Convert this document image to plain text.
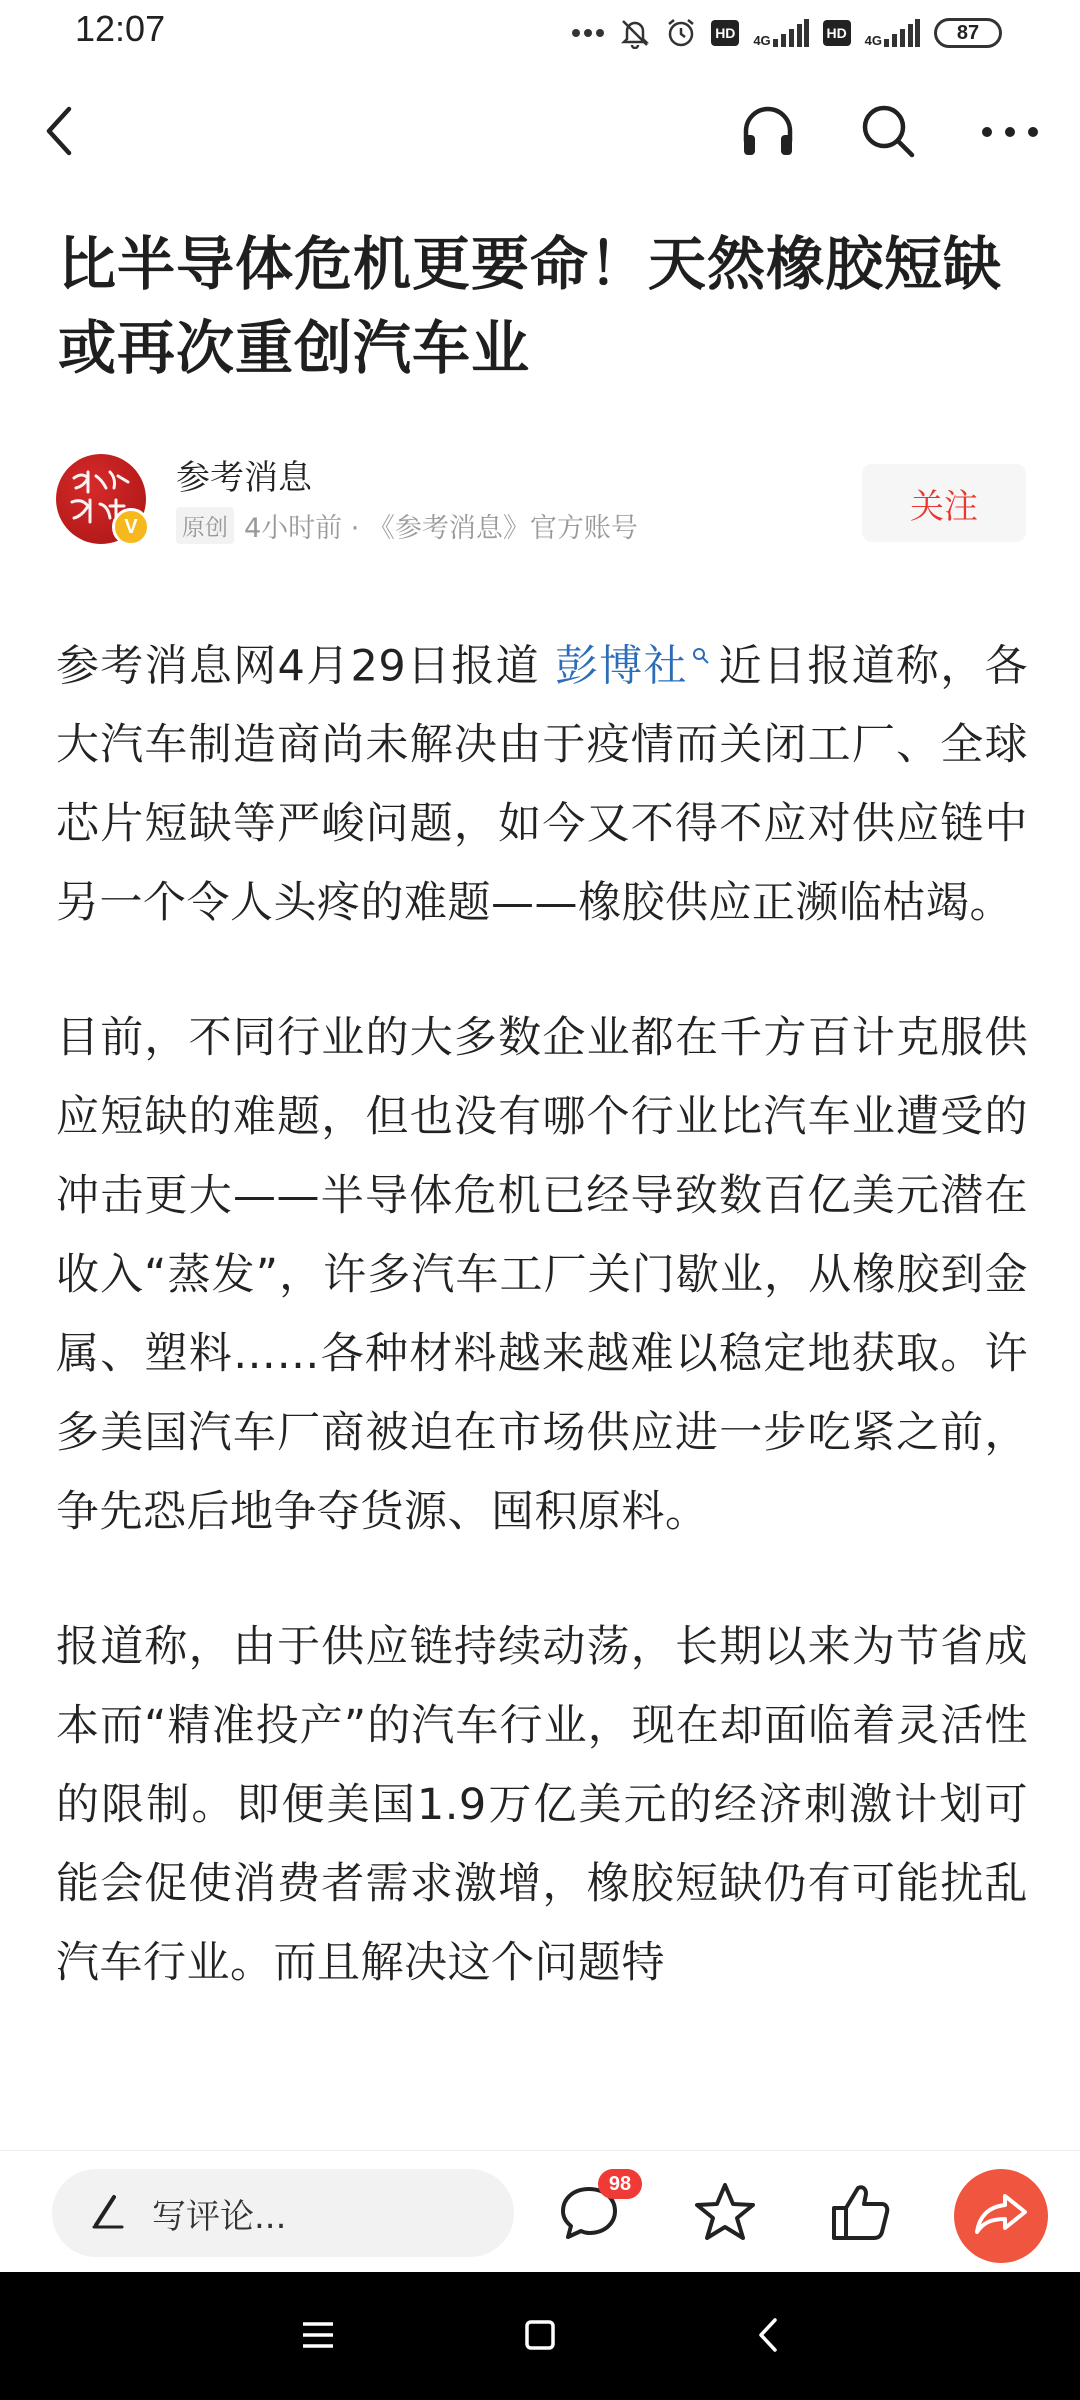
12:07	HD 4G	HD 4G	87
比半导体危机更要命！天然橡胶短缺或再次重创汽车业
V
参考消息
原创 4小时前 · 《参考消息》官方账号
关注

参考消息网4月29日报道 彭博社 近日报道称，各大汽车制造商尚未解决由于疫情而关闭工厂、全球芯片短缺等严峻问题，如今又不得不应对供应链中另一个令人头疼的难题——橡胶供应正濒临枯竭。

目前，不同行业的大多数企业都在千方百计克服供应短缺的难题，但也没有哪个行业比汽车业遭受的冲击更大——半导体危机已经导致数百亿美元潜在收入“蒸发”，许多汽车工厂关门歇业，从橡胶到金属、塑料……各种材料越来越难以稳定地获取。许多美国汽车厂商被迫在市场供应进一步吃紧之前，争先恐后地争夺货源、囤积原料。

报道称，由于供应链持续动荡，长期以来为节省成本而“精准投产”的汽车行业，现在却面临着灵活性的限制。即便美国1.9万亿美元的经济刺激计划可能会促使消费者需求激增，橡胶短缺仍有可能扰乱汽车行业。而且解决这个问题特

写评论...
98
